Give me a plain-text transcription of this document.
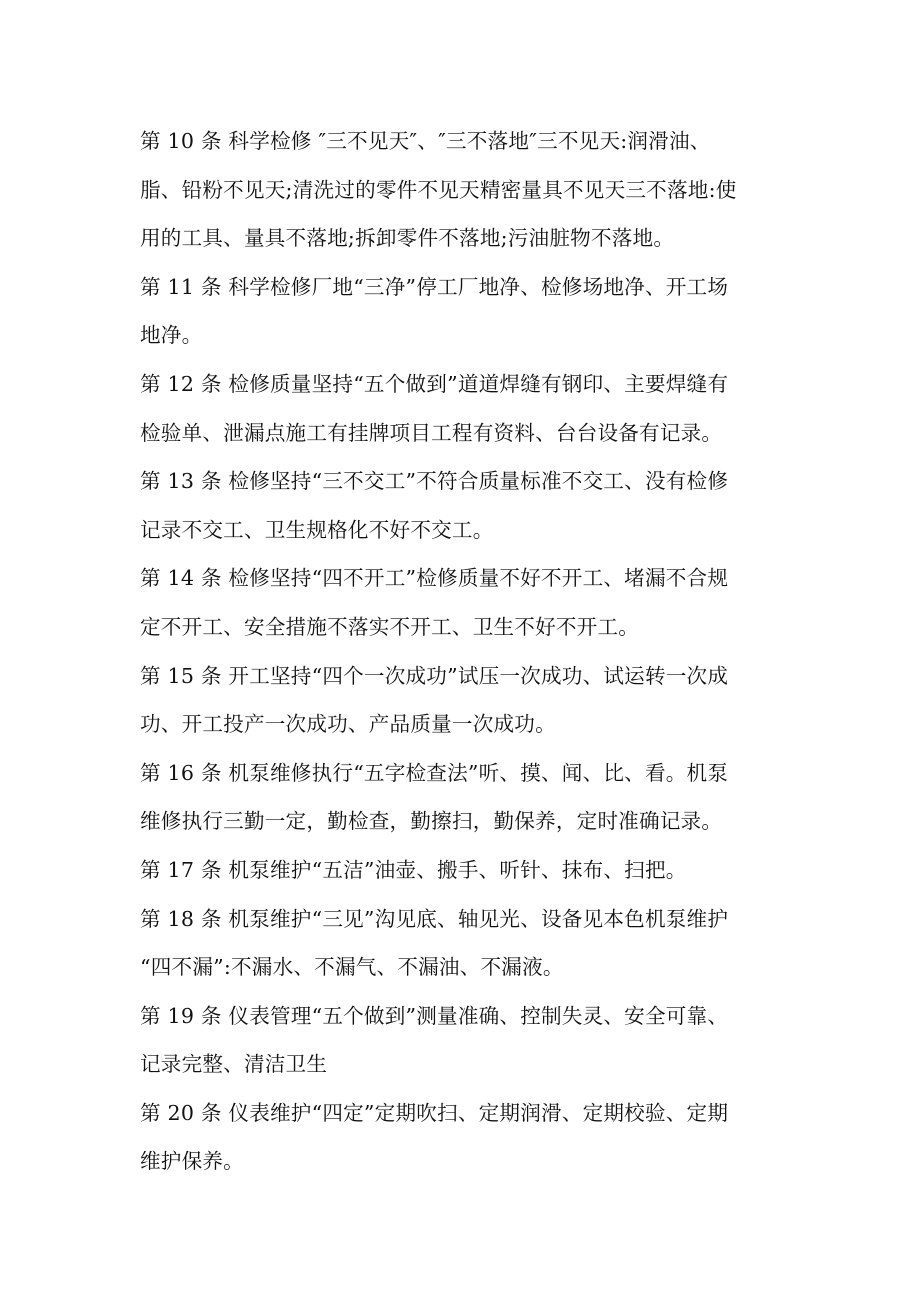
第 10 条 科学检修 ″三不见天″、″三不落地″三不见天:润滑油、
脂、铅粉不见天;清洗过的零件不见天精密量具不见天三不落地:使
用的工具、量具不落地;拆卸零件不落地;污油脏物不落地。

第 11 条 科学检修厂地“三净”停工厂地净、检修场地净、开工场
地净。

第 12 条 检修质量坚持“五个做到”道道焊缝有钢印、主要焊缝有
检验单、泄漏点施工有挂牌项目工程有资料、台台设备有记录。

第 13 条 检修坚持“三不交工”不符合质量标准不交工、没有检修
记录不交工、卫生规格化不好不交工。

第 14 条 检修坚持“四不开工”检修质量不好不开工、堵漏不合规
定不开工、安全措施不落实不开工、卫生不好不开工。

第 15 条 开工坚持“四个一次成功”试压一次成功、试运转一次成
功、开工投产一次成功、产品质量一次成功。

第 16 条 机泵维修执行“五字检查法”听、摸、闻、比、看。机泵
维修执行三勤一定，勤检查，勤擦扫，勤保养，定时准确记录。

第 17 条 机泵维护“五洁”油壶、搬手、听针、抹布、扫把。

第 18 条 机泵维护“三见”沟见底、轴见光、设备见本色机泵维护
“四不漏”:不漏水、不漏气、不漏油、不漏液。

第 19 条 仪表管理“五个做到”测量准确、控制失灵、安全可靠、
记录完整、清洁卫生

第 20 条 仪表维护“四定”定期吹扫、定期润滑、定期校验、定期
维护保养。
